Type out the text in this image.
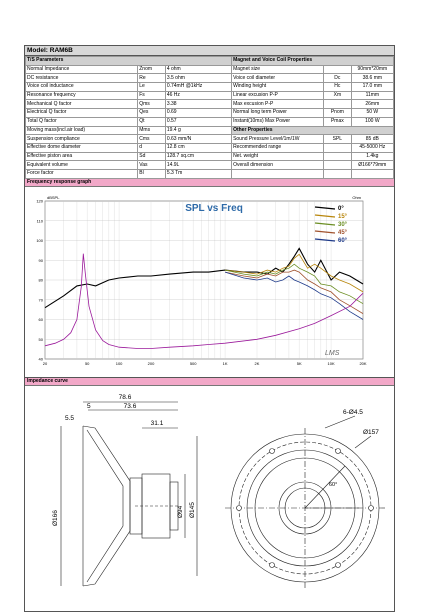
Model: RAM6B
T/S Parameters			Magnet and Voice Coil Properties		
Normal Impedance	Znom	4 ohm	Magnet size		90mm*20mm
DC resistance	Re	3.5 ohm	Voice coil diameter	Dc	38.6 mm
Voice coil inductance	Le	0.74mH @1kHz	Winding height	Hc	17.0 mm
Resonance frequency	Fs	46 Hz	Linear excusion P-P	Xm	11mm
Mechanical Q factor	Qms	3.38	Max excusion P-P		26mm
Electrical Q factor	Qes	0.69	Normal long term Power	Pnom	50 W
Total Q factor	Qt	0.57	Instant(10ms) Max Power	Pmax	100 W
Moving mass(incl.air load)	Mms	19.4 g	Other Properties		
Suspension compliance	Cms	0.63 mm/N	Sound Pressure Level/1m/1W	SPL	85 dB
Effective dome diameter	d	12.8 cm	Recommended range		45-5000 Hz
Effective piston area	Sd	128.7 sq.cm	Net. weight		1.4kg
Equivalent volume	Vas	14.9L	Overall dimension		Ø166*79mm
Force factor	Bl	5.3 Tm			
Frequency response graph
40
50
60
70
80
90
100
110
120
20	50	100	200	500	1K	2K	5K	10K	20K
dBSPL	Ohm
SPL vs Freq	0°
15°
30°
45°
60°
LMS
Impedance curve
78.6
73.6
31.1
5.5
5
Ø166	Ø94 Ø145
6-Ø4.5
Ø157
60°
